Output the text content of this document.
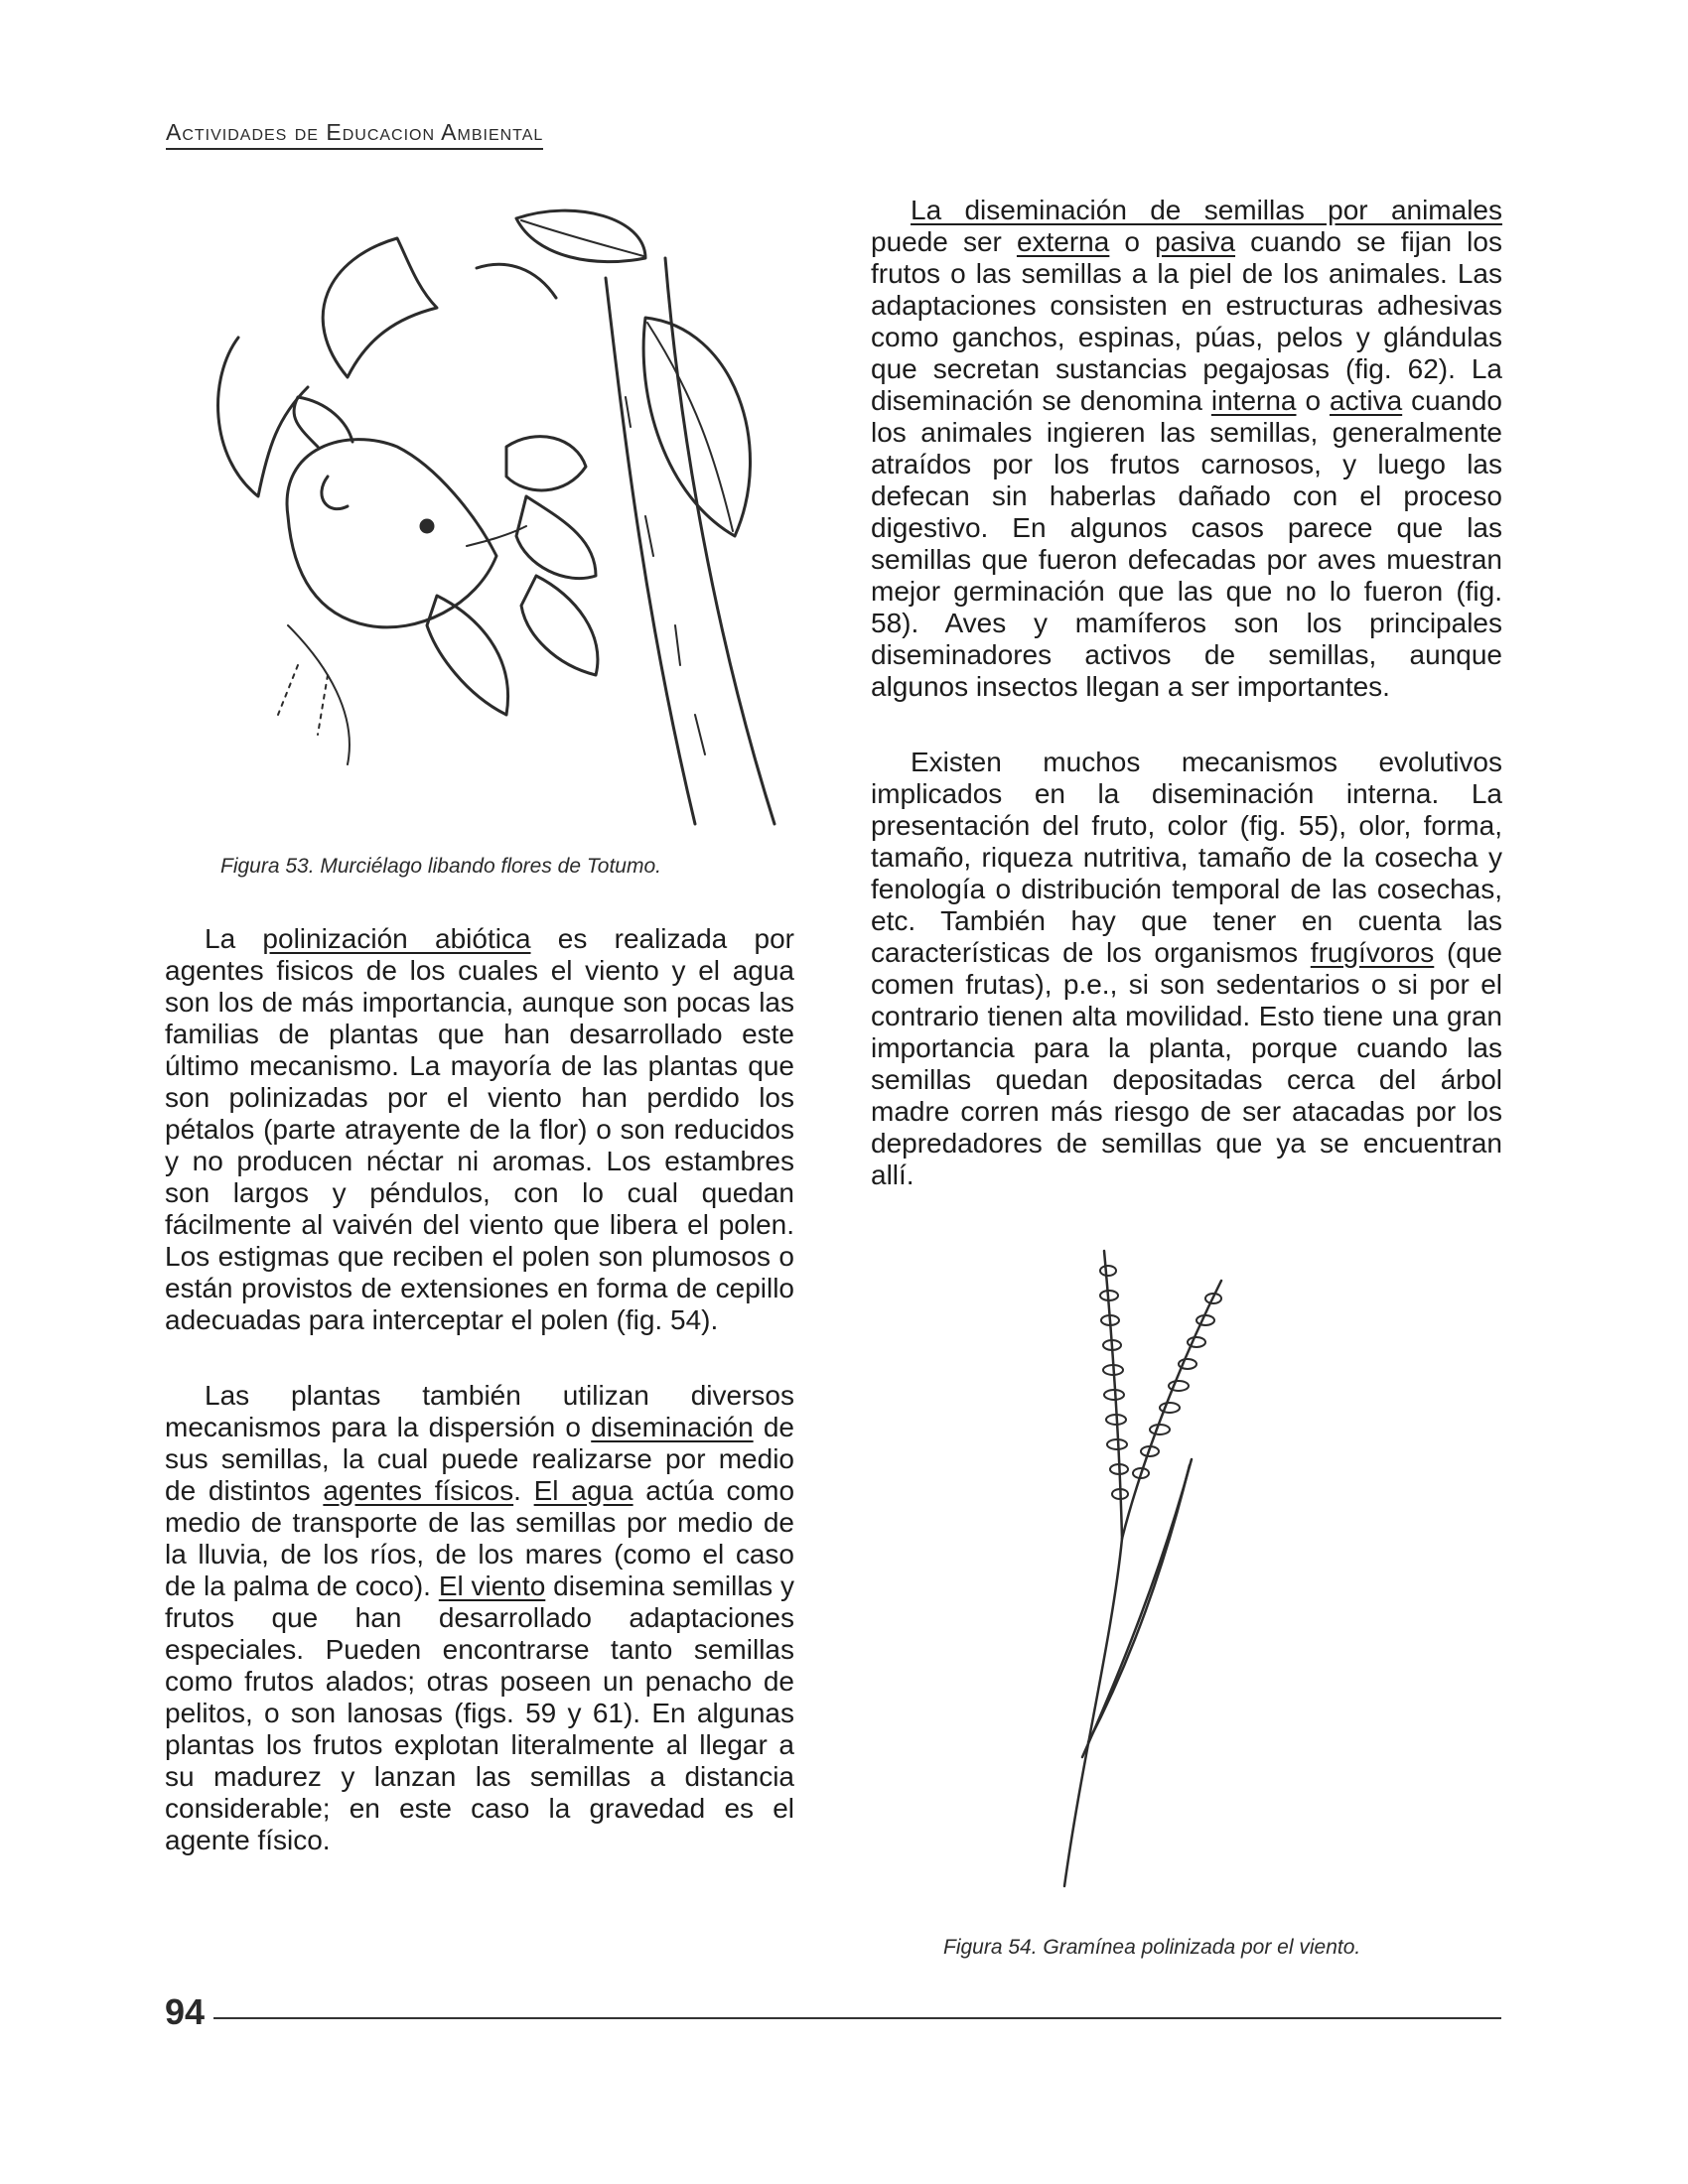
Actividades de Educacion Ambiental
Figura 53. Murciélago libando flores de Totumo.

La polinización abiótica es realizada por agentes fisicos de los cuales el viento y el agua son los de más importancia, aunque son pocas las familias de plantas que han desarrollado este último mecanismo. La mayoría de las plantas que son polinizadas por el viento han perdido los pétalos (parte atrayente de la flor) o son reducidos y no producen néctar ni aromas. Los estambres son largos y péndulos, con lo cual quedan fácilmente al vaivén del viento que libera el polen. Los estigmas que reciben el polen son plumosos o están provistos de extensiones en forma de cepillo adecuadas para interceptar el polen (fig. 54).

Las plantas también utilizan diversos mecanismos para la dispersión o diseminación de sus semillas, la cual puede realizarse por medio de distintos agentes físicos. El agua actúa como medio de transporte de las semillas por medio de la lluvia, de los ríos, de los mares (como el caso de la palma de coco). El viento disemina semillas y frutos que han desarrollado adaptaciones especiales. Pueden encontrarse tanto semillas como frutos alados; otras poseen un penacho de pelitos, o son lanosas (figs. 59 y 61). En algunas plantas los frutos explotan literalmente al llegar a su madurez y lanzan las semillas a distancia considerable; en este caso la gravedad es el agente físico.

La diseminación de semillas por animales puede ser externa o pasiva cuando se fijan los frutos o las semillas a la piel de los animales. Las adaptaciones consisten en estructuras adhesivas como ganchos, espinas, púas, pelos y glándulas que secretan sustancias pegajosas (fig. 62). La diseminación se denomina interna o activa cuando los animales ingieren las semillas, generalmente atraídos por los frutos carnosos, y luego las defecan sin haberlas dañado con el proceso digestivo. En algunos casos parece que las semillas que fueron defecadas por aves muestran mejor germinación que las que no lo fueron (fig. 58). Aves y mamíferos son los principales diseminadores activos de semillas, aunque algunos insectos llegan a ser importantes.

Existen muchos mecanismos evolutivos implicados en la diseminación interna. La presentación del fruto, color (fig. 55), olor, forma, tamaño, riqueza nutritiva, tamaño de la cosecha y fenología o distribución temporal de las cosechas, etc. También hay que tener en cuenta las características de los organismos frugívoros (que comen frutas), p.e., si son sedentarios o si por el contrario tienen alta movilidad. Esto tiene una gran importancia para la planta, porque cuando las semillas quedan depositadas cerca del árbol madre corren más riesgo de ser atacadas por los depredadores de semillas que ya se encuentran allí.

Figura 54. Gramínea polinizada por el viento.
94
